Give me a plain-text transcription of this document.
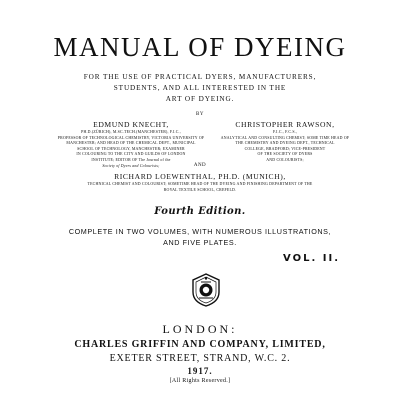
MANUAL OF DYEING
FOR THE USE OF PRACTICAL DYERS, MANUFACTURERS,
STUDENTS, AND ALL INTERESTED IN THE
ART OF DYEING.
BY
EDMUND KNECHT,
PH.D.(ZÜRICH), M.SC.TECH.(MANCHESTER), F.I.C.,
PROFESSOR OF TECHNOLOGICAL CHEMISTRY, VICTORIA UNIVERSITY OF
MANCHESTER; AND HEAD OF THE CHEMICAL DEPT., MUNICIPAL
SCHOOL OF TECHNOLOGY, MANCHESTER; EXAMINER
IN COLOURING TO THE CITY AND GUILDS OF LONDON
INSTITUTE; EDITOR OF The Journal of the
Society of Dyers and Colourists;
CHRISTOPHER RAWSON,
F.I.C., F.C.S.,
ANALYTICAL AND CONSULTING CHEMIST; SOME TIME HEAD OF
THE CHEMISTRY AND DYEING DEPT., TECHNICAL
COLLEGE, BRADFORD; VICE-PRESIDENT
OF THE SOCIETY OF DYERS
AND COLOURISTS;
AND
RICHARD LOEWENTHAL, PH.D. (MUNICH),
TECHNICAL CHEMIST AND COLOURIST; SOMETIME HEAD OF THE DYEING AND FINISHING DEPARTMENT OF THE
ROYAL TEXTILE SCHOOL, CREFELD.
Fourth Edition.
COMPLETE IN TWO VOLUMES, WITH NUMEROUS ILLUSTRATIONS,
AND FIVE PLATES.
VOL. II.
LONDON:
CHARLES GRIFFIN AND COMPANY, LIMITED,
EXETER STREET, STRAND, W.C. 2.
1917.
[All Rights Reserved.]
